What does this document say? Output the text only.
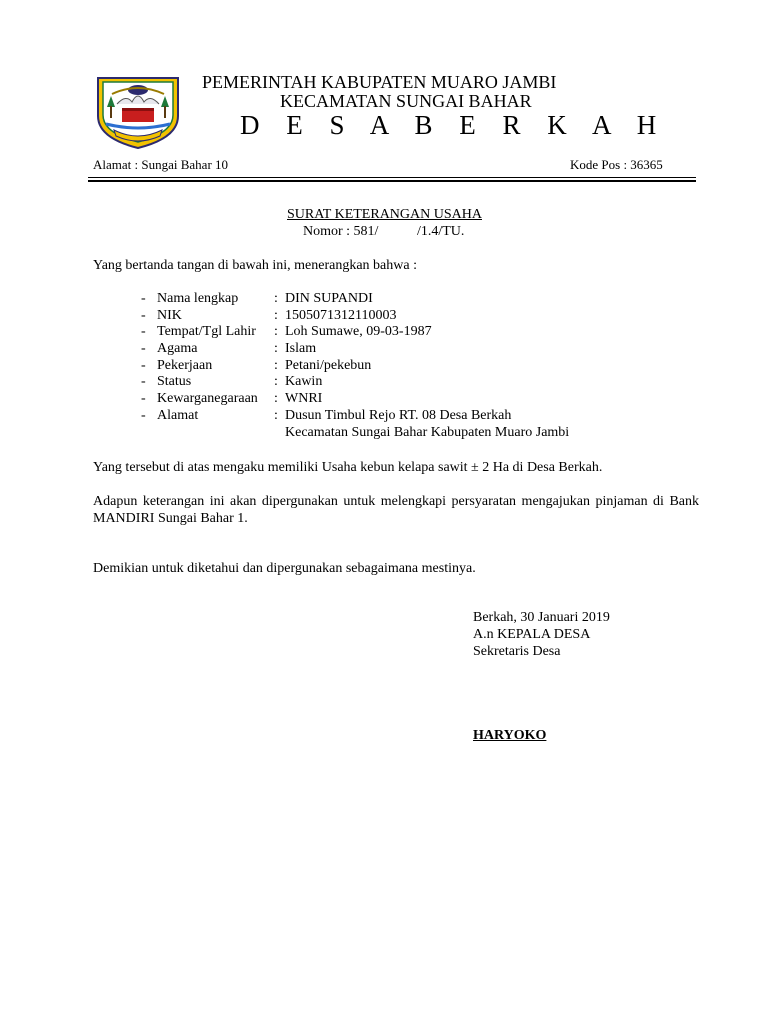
PEMERINTAH KABUPATEN MUARO JAMBI
KECAMATAN SUNGAI BAHAR
D E S A B E R K A H
Alamat : Sungai Bahar 10	Kode Pos : 36365
SURAT KETERANGAN USAHA
Nomor : 581/           /1.4/TU.
Yang bertanda tangan di bawah ini, menerangkan bahwa :
- Nama lengkap	: DIN SUPANDI
- NIK	: 1505071312110003
- Tempat/Tgl Lahir : Loh Sumawe, 09-03-1987
- Agama	: Islam
- Pekerjaan	: Petani/pekebun
- Status	: Kawin
- Kewarganegaraan : WNRI
- Alamat	: Dusun Timbul Rejo RT. 08 Desa Berkah
Kecamatan Sungai Bahar Kabupaten Muaro Jambi
Yang tersebut di atas mengaku memiliki Usaha kebun kelapa sawit ± 2 Ha di Desa Berkah.
Adapun keterangan ini akan dipergunakan untuk melengkapi persyaratan mengajukan pinjaman di Bank MANDIRI Sungai Bahar 1.
Demikian untuk diketahui dan dipergunakan sebagaimana mestinya.
Berkah, 30 Januari 2019
A.n KEPALA DESA
Sekretaris Desa
HARYOKO
